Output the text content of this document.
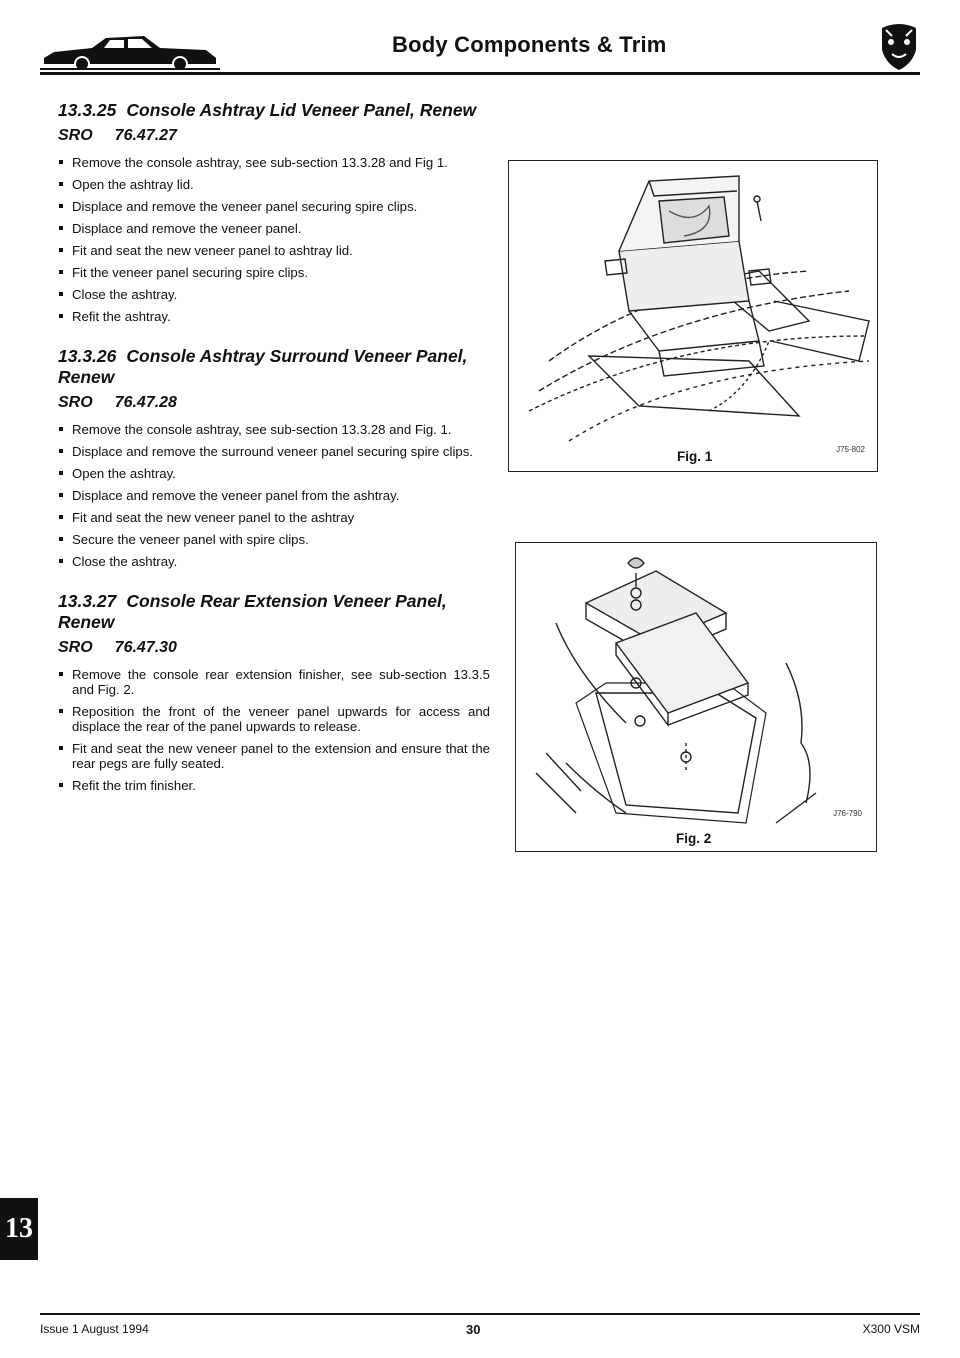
Body Components & Trim
13.3.25 Console Ashtray Lid Veneer Panel, Renew
SRO 76.47.27
Remove the console ashtray, see sub-section 13.3.28 and Fig 1.
Open the ashtray lid.
Displace and remove the veneer panel securing spire clips.
Displace and remove the veneer panel.
Fit and seat the new veneer panel to ashtray lid.
Fit the veneer panel securing spire clips.
Close the ashtray.
Refit the ashtray.
13.3.26 Console Ashtray Surround Veneer Panel, Renew
SRO 76.47.28
Remove the console ashtray, see sub-section 13.3.28 and Fig. 1.
Displace and remove the surround veneer panel securing spire clips.
Open the ashtray.
Displace and remove the veneer panel from the ashtray.
Fit and seat the new veneer panel to the ashtray
Secure the veneer panel with spire clips.
Close the ashtray.
13.3.27 Console Rear Extension Veneer Panel, Renew
SRO 76.47.30
Remove the console rear extension finisher, see sub-section 13.3.5 and Fig. 2.
Reposition the front of the veneer panel upwards for access and displace the rear of the panel upwards to release.
Fit and seat the new veneer panel to the extension and ensure that the rear pegs are fully seated.
Refit the trim finisher.
J75-802
Fig. 1
J76-790
Fig. 2
13
Issue 1 August 1994	30	X300 VSM
